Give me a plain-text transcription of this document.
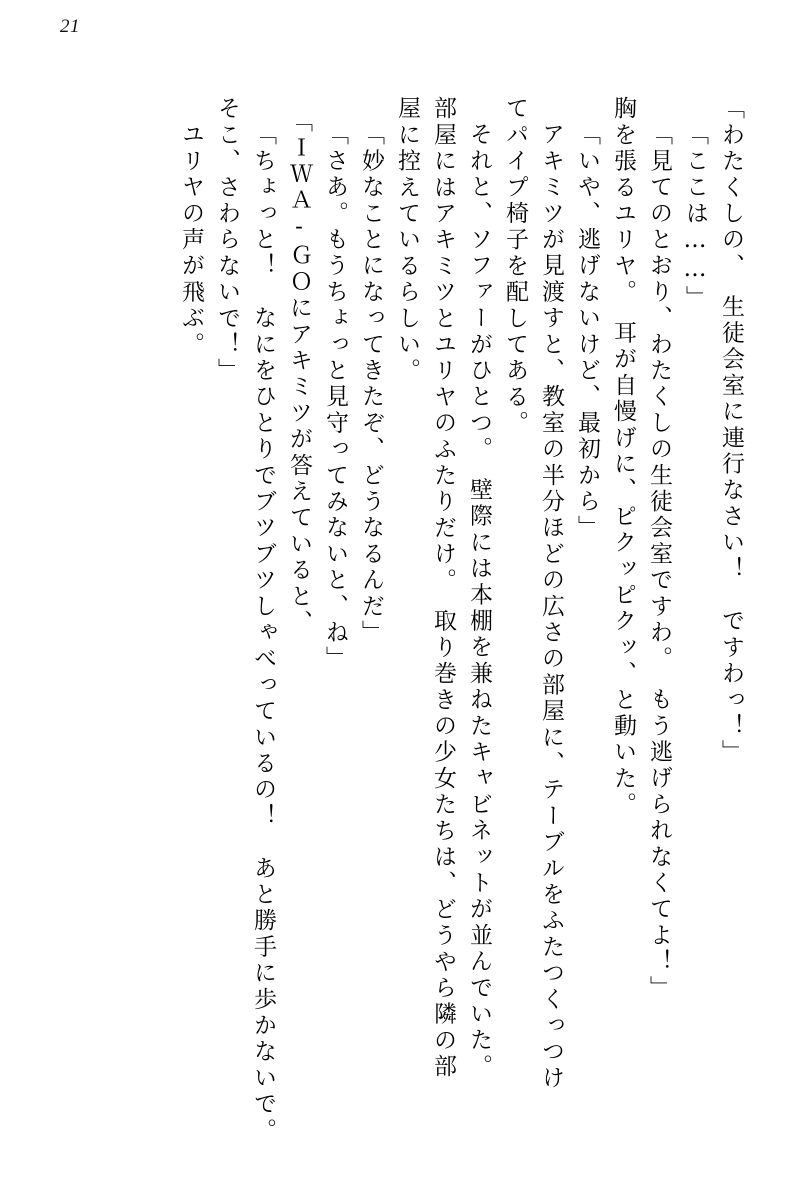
21
「わたくしの、　生徒会室に連行なさい！　ですわっ！」
「ここは……」
「見てのとおり、わたくしの生徒会室ですわ。　もう逃げられなくてよ！」
胸を張るユリヤ。　耳が自慢げに、ピクッピクッ、と動いた。
「いや、逃げないけど、最初から」
アキミツが見渡すと、教室の半分ほどの広さの部屋に、テーブルをふたつくっつけ
てパイプ椅子を配してある。
それと、ソファーがひとつ。　壁際には本棚を兼ねたキャビネットが並んでいた。
部屋にはアキミツとユリヤのふたりだけ。　取り巻きの少女たちは、どうやら隣の部
屋に控えているらしい。
「妙なことになってきたぞ、どうなるんだ」
「さあ。もうちょっと見守ってみないと、ね」
「ＩＷＡ‐ＧＯにアキミツが答えていると、
「ちょっと！　なにをひとりでブツブツしゃべっているの！　あと勝手に歩かないで。
そこ、さわらないで！」
ユリヤの声が飛ぶ。
